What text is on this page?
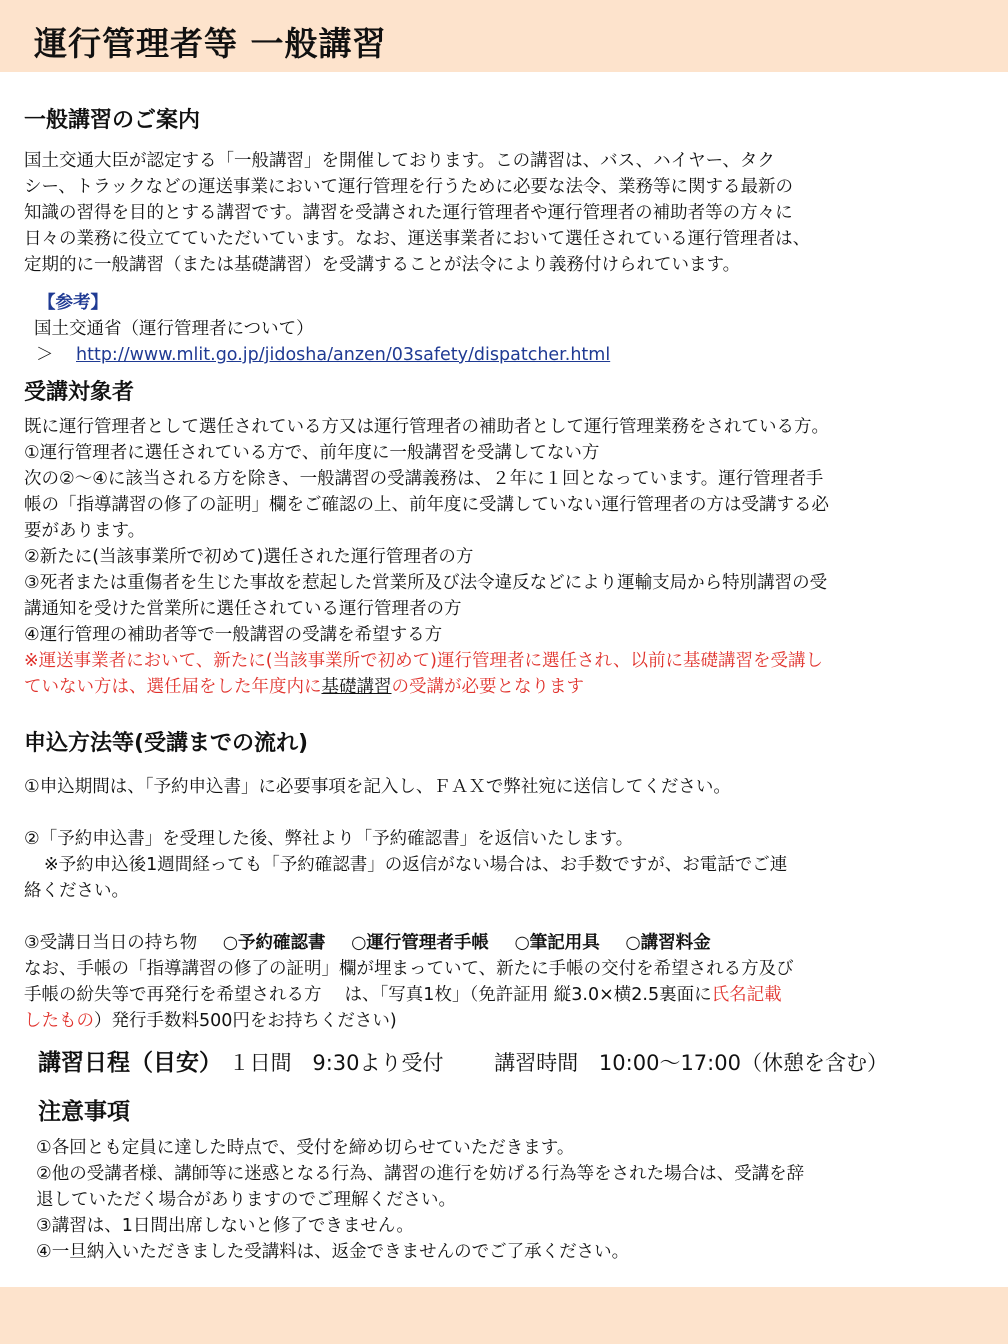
運行管理者等 一般講習
一般講習のご案内
国土交通大臣が認定する「一般講習」を開催しております。この講習は、バス、ハイヤー、タク
シー、トラックなどの運送事業において運行管理を行うために必要な法令、業務等に関する最新の
知識の習得を目的とする講習です。講習を受講された運行管理者や運行管理者の補助者等の方々に
日々の業務に役立てていただいています。なお、運送事業者において選任されている運行管理者は、
定期的に一般講習（または基礎講習）を受講することが法令により義務付けられています。
【参考】
国土交通省（運行管理者について）
＞ http://www.mlit.go.jp/jidosha/anzen/03safety/dispatcher.html
受講対象者
既に運行管理者として選任されている方又は運行管理者の補助者として運行管理業務をされている方。
①運行管理者に選任されている方で、前年度に一般講習を受講してない方
次の②～④に該当される方を除き、一般講習の受講義務は、２年に１回となっています。運行管理者手
帳の「指導講習の修了の証明」欄をご確認の上、前年度に受講していない運行管理者の方は受講する必
要があります。
②新たに(当該事業所で初めて)選任された運行管理者の方
③死者または重傷者を生じた事故を惹起した営業所及び法令違反などにより運輸支局から特別講習の受
講通知を受けた営業所に選任されている運行管理者の方
④運行管理の補助者等で一般講習の受講を希望する方
※運送事業者において、新たに(当該事業所で初めて)運行管理者に選任され、以前に基礎講習を受講し
ていない方は、選任届をした年度内に基礎講習の受講が必要となります
申込方法等(受講までの流れ)
①申込期間は、「予約申込書」に必要事項を記入し、ＦＡＸで弊社宛に送信してください。
②「予約申込書」を受理した後、弊社より「予約確認書」を返信いたします。
※予約申込後1週間経っても「予約確認書」の返信がない場合は、お手数ですが、お電話でご連
絡ください。
③受講日当日の持ち物 ○予約確認書 ○運行管理者手帳 ○筆記用具 ○講習料金
なお、手帳の「指導講習の修了の証明」欄が埋まっていて、新たに手帳の交付を希望される方及び
手帳の紛失等で再発行を希望される方　 は、「写真1枚」（免許証用 縦3.0×横2.5裏面に氏名記載
したもの）発行手数料500円をお持ちください)
講習日程（目安） １日間 9:30より受付 講習時間 10:00～17:00（休憩を含む）
注意事項
①各回とも定員に達した時点で、受付を締め切らせていただきます。
②他の受講者様、講師等に迷惑となる行為、講習の進行を妨げる行為等をされた場合は、受講を辞
退していただく場合がありますのでご理解ください。
③講習は、1日間出席しないと修了できません。
④一旦納入いただきました受講料は、返金できませんのでご了承ください。
